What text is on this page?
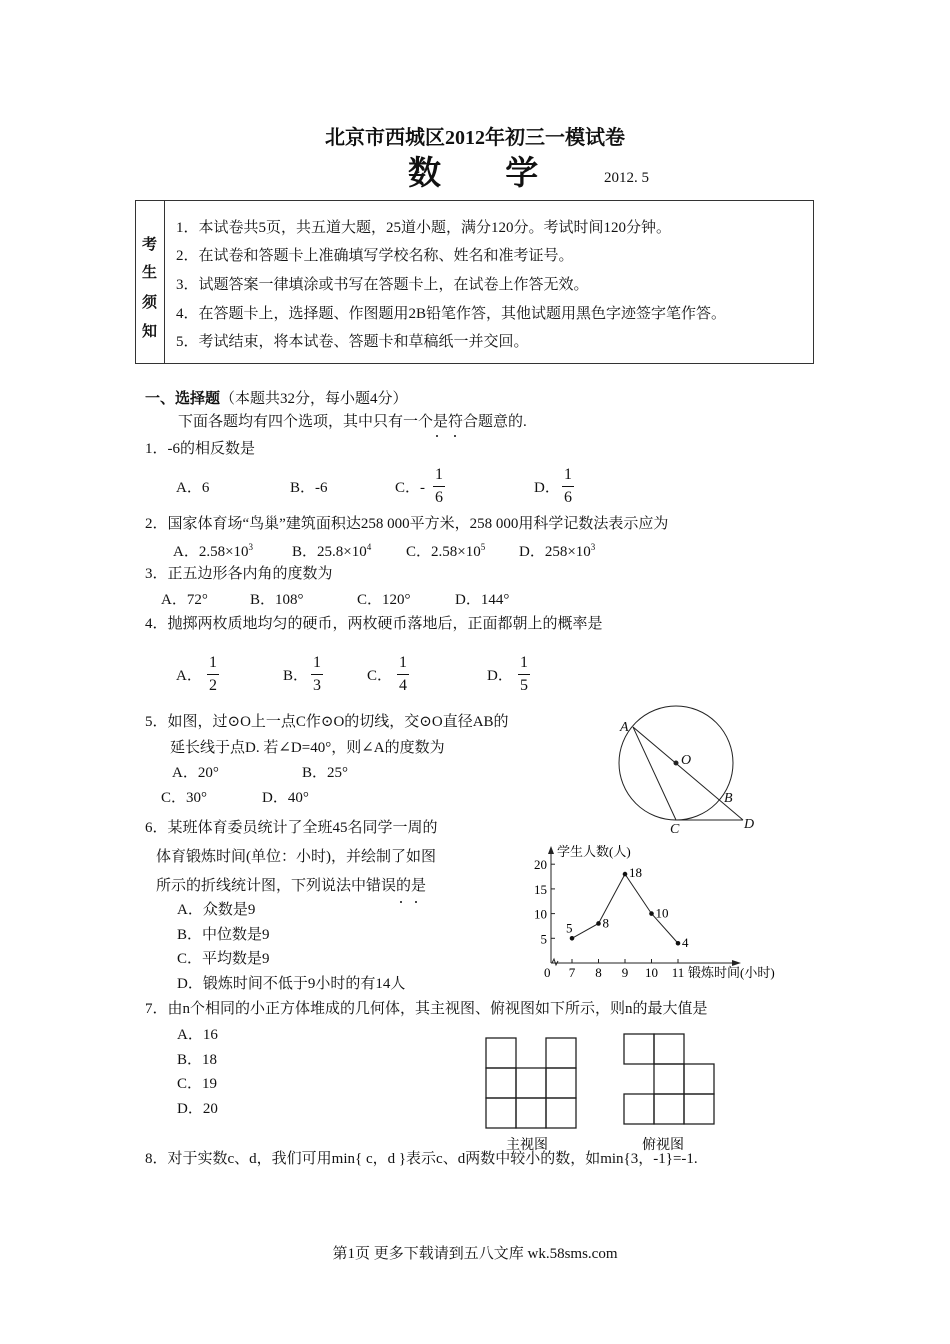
北京市西城区2012年初三一模试卷
数 学	2012. 5
考
生
须
知
1．本试卷共5页，共五道大题，25道小题，满分120分。考试时间120分钟。
2．在试卷和答题卡上准确填写学校名称、姓名和准考证号。
3．试题答案一律填涂或书写在答题卡上，在试卷上作答无效。
4．在答题卡上，选择题、作图题用2B铅笔作答，其他试题用黑色字迹签字笔作答。
5．考试结束，将本试卷、答题卡和草稿纸一并交回。
一、选择题（本题共32分，每小题4分）
下面各题均有四个选项，其中只有一个是符合题意的.
1．-6的相反数是
A．6	B．-6	C．- $\frac{1}{6}$	D． $\frac{1}{6}$
2．国家体育场“鸟巢”建筑面积达258 000平方米，258 000用科学记数法表示应为
A．$2.58\times 10^3$	B．$25.8\times 10^4$ C．$2.58\times 10^5$ D．$258\times 10^3$
3．正五边形各内角的度数为
A．72°	B．108°	C．120°	D．144°
4．抛掷两枚质地均匀的硬币，两枚硬币落地后，正面都朝上的概率是
A． $\frac{1}{2}$	B． $\frac{1}{3}$	C． $\frac{1}{4}$	D． $\frac{1}{5}$
5．如图，过⊙O上一点C作⊙O的切线，交⊙O直径AB的
延长线于点D. 若∠D=40°，则∠A的度数为
A．20°	B．25°
C．30°	D．40°
A
O
B
C	D
学生人数(人)
锻炼时间(小时)
0
5
10
15
20
7 8 9 10 11
5 8
18
10
4
主视图	俯视图
6．某班体育委员统计了全班45名同学一周的
体育锻炼时间(单位：小时)，并绘制了如图
所示的折线统计图，下列说法中错误的是
A．众数是9
B．中位数是9
C．平均数是9
D．锻炼时间不低于9小时的有14人
7．由n个相同的小正方体堆成的几何体，其主视图、俯视图如下所示，则n的最大值是
A．16
B．18
C．19
D．20
8．对于实数c、d，我们可用min{ c，d }表示c、d两数中较小的数，如min{3，-1}=-1.
第1页 更多下载请到五八文库 wk.58sms.com
